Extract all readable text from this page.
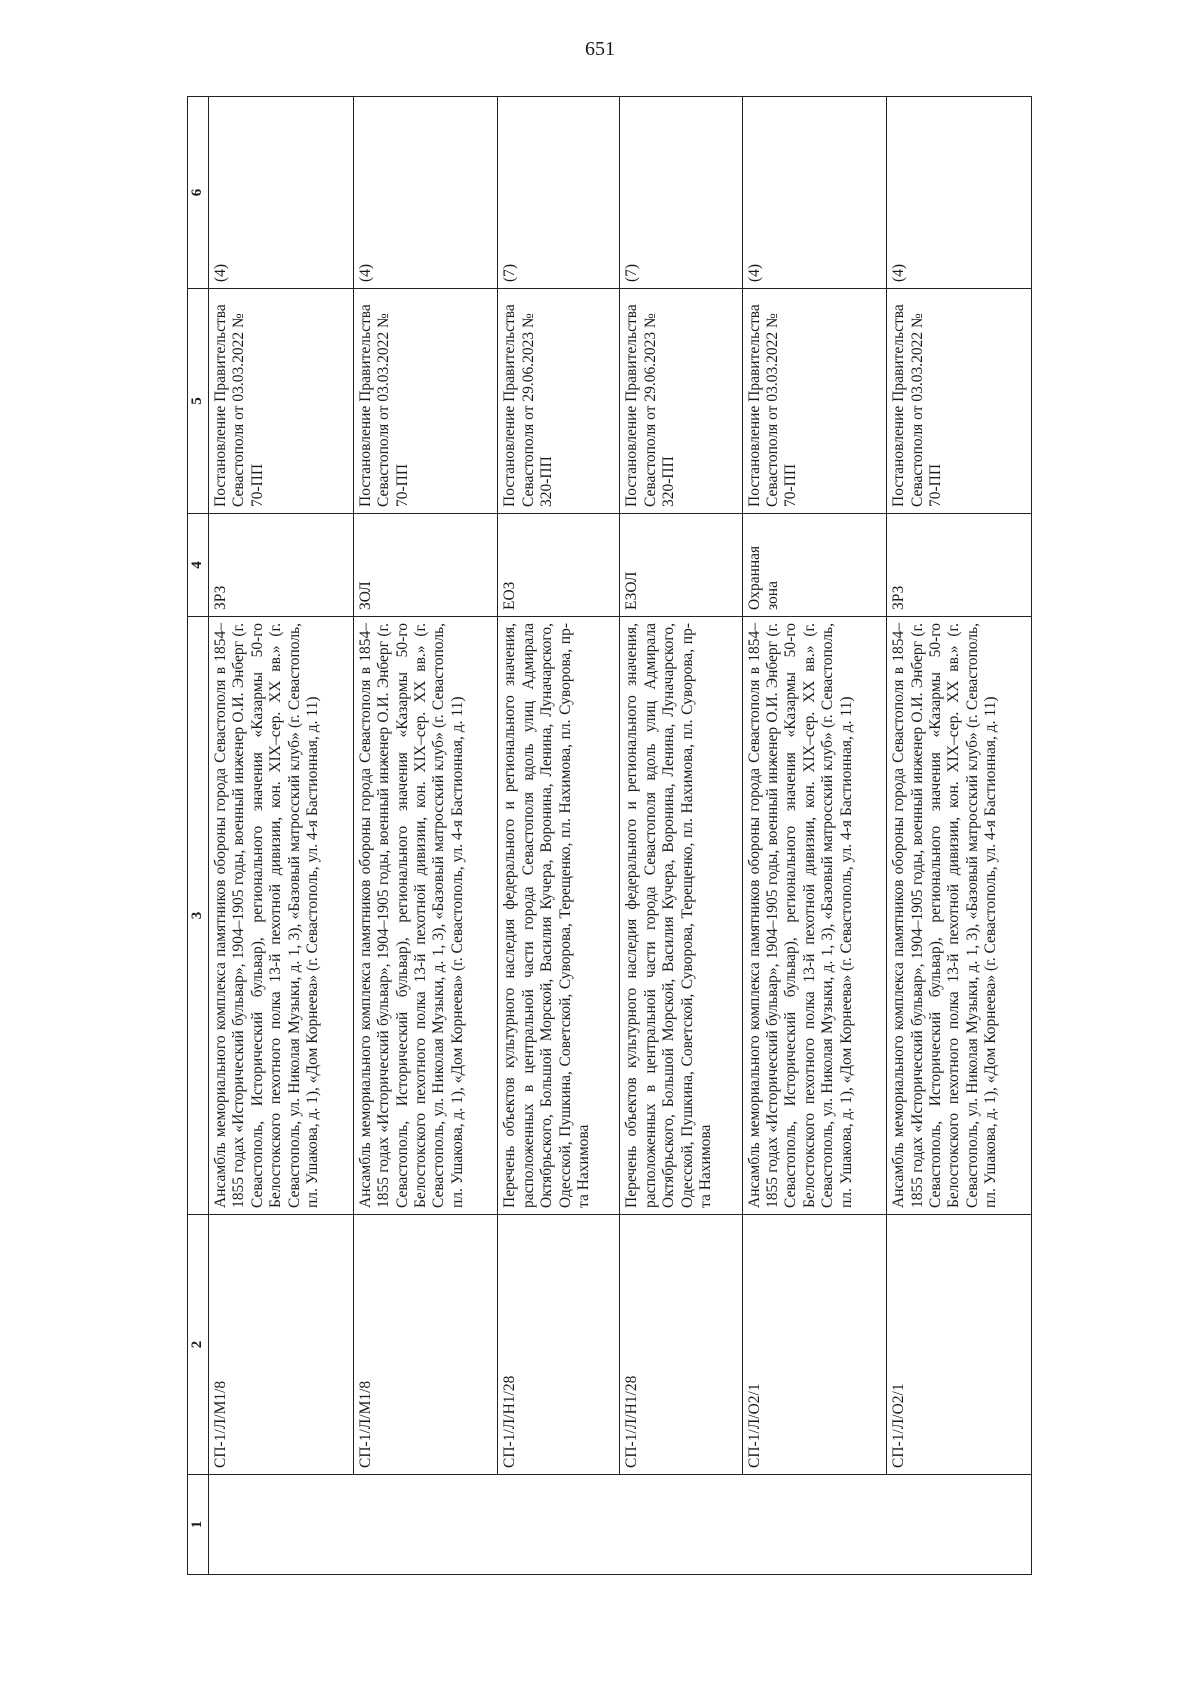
651
1	2	3	4	5	6
	СП-1/Л/М1/8	Ансамбль мемориального комплекса памятников обороны города Севастополя в 1854–1855 годах «Исторический бульвар», 1904–1905 годы, военный инженер О.И. Энберг (г. Севастополь, Исторический бульвар), регионального значения «Казармы 50-го Белостокского пехотного полка 13-й пехотной дивизии, кон. XIX–сер. XX вв.» (г. Севастополь, ул. Николая Музыки, д. 1, 3), «Базовый матросский клуб» (г. Севастополь, пл. Ушакова, д. 1), «Дом Корнеева» (г. Севастополь, ул. 4-я Бастионная, д. 11)	ЗРЗ	Постановление Правительства Севастополя от 03.03.2022 № 70-ПП	(4)
	СП-1/Л/М1/8	Ансамбль мемориального комплекса памятников обороны города Севастополя в 1854–1855 годах «Исторический бульвар», 1904–1905 годы, военный инженер О.И. Энберг (г. Севастополь, Исторический бульвар), регионального значения «Казармы 50-го Белостокского пехотного полка 13-й пехотной дивизии, кон. XIX–сер. XX вв.» (г. Севастополь, ул. Николая Музыки, д. 1, 3), «Базовый матросский клуб» (г. Севастополь, пл. Ушакова, д. 1), «Дом Корнеева» (г. Севастополь, ул. 4-я Бастионная, д. 11)	ЗОЛ	Постановление Правительства Севастополя от 03.03.2022 № 70-ПП	(4)
	СП-1/Л/Н1/28	Перечень объектов культурного наследия федерального и регионального значения, расположенных в центральной части города Севастополя вдоль улиц Адмирала Октябрьского, Большой Морской, Василия Кучера, Воронина, Ленина, Луначарского, Одесской, Пушкина, Советской, Суворова, Терещенко, пл. Нахимова, пл. Суворова, пр-та Нахимова	ЕОЗ	Постановление Правительства Севастополя от 29.06.2023 № 320-ПП	(7)
	СП-1/Л/Н1/28	Перечень объектов культурного наследия федерального и регионального значения, расположенных в центральной части города Севастополя вдоль улиц Адмирала Октябрьского, Большой Морской, Василия Кучера, Воронина, Ленина, Луначарского, Одесской, Пушкина, Советской, Суворова, Терещенко, пл. Нахимова, пл. Суворова, пр-та Нахимова	ЕЗОЛ	Постановление Правительства Севастополя от 29.06.2023 № 320-ПП	(7)
	СП-1/Л/О2/1	Ансамбль мемориального комплекса памятников обороны города Севастополя в 1854–1855 годах «Исторический бульвар», 1904–1905 годы, военный инженер О.И. Энберг (г. Севастополь, Исторический бульвар), регионального значения «Казармы 50-го Белостокского пехотного полка 13-й пехотной дивизии, кон. XIX–сер. XX вв.» (г. Севастополь, ул. Николая Музыки, д. 1, 3), «Базовый матросский клуб» (г. Севастополь, пл. Ушакова, д. 1), «Дом Корнеева» (г. Севастополь, ул. 4-я Бастионная, д. 11)	Охранная зона	Постановление Правительства Севастополя от 03.03.2022 № 70-ПП	(4)
	СП-1/Л/О2/1	Ансамбль мемориального комплекса памятников обороны города Севастополя в 1854–1855 годах «Исторический бульвар», 1904–1905 годы, военный инженер О.И. Энберг (г. Севастополь, Исторический бульвар), регионального значения «Казармы 50-го Белостокского пехотного полка 13-й пехотной дивизии, кон. XIX–сер. XX вв.» (г. Севастополь, ул. Николая Музыки, д. 1, 3), «Базовый матросский клуб» (г. Севастополь, пл. Ушакова, д. 1), «Дом Корнеева» (г. Севастополь, ул. 4-я Бастионная, д. 11)	ЗРЗ	Постановление Правительства Севастополя от 03.03.2022 № 70-ПП	(4)
